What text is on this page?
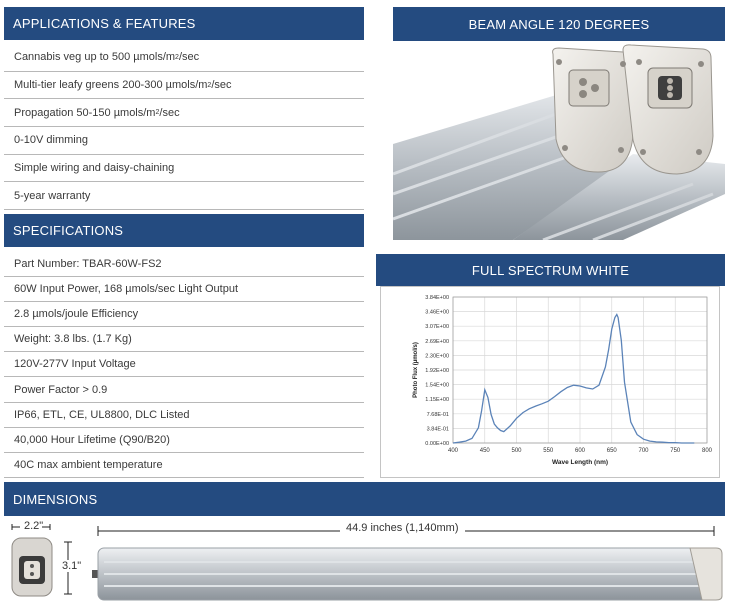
APPLICATIONS & FEATURES
Cannabis veg up to 500 µmols/m 2 /sec
Multi-tier leafy greens 200-300 µmols/m 2 /sec
Propagation 50-150 µmols/m 2 /sec
0-10V dimming
Simple wiring and daisy-chaining
5-year warranty
SPECIFICATIONS
Part Number: TBAR-60W-FS2
60W Input Power, 168 µmols/sec Light Output
2.8 µmols/joule Efficiency
Weight: 3.8 lbs. (1.7 Kg)
120V-277V Input Voltage
Power Factor > 0.9
IP66, ETL, CE, UL8800, DLC Listed
40,000 Hour Lifetime (Q90/B20)
40C max ambient temperature
BEAM ANGLE 120 DEGREES
FULL SPECTRUM WHITE
0.00E+00
3.84E-01
7.68E-01
1.15E+00
1.54E+00
1.92E+00
2.30E+00
2.69E+00
3.07E+00
3.46E+00
3.84E+00
400	450	500	550	600	650	700	750	800
Wave Length (nm)
Photo Flux (µmol/s)
DIMENSIONS
2.2"
3.1"
44.9 inches (1,140mm)
